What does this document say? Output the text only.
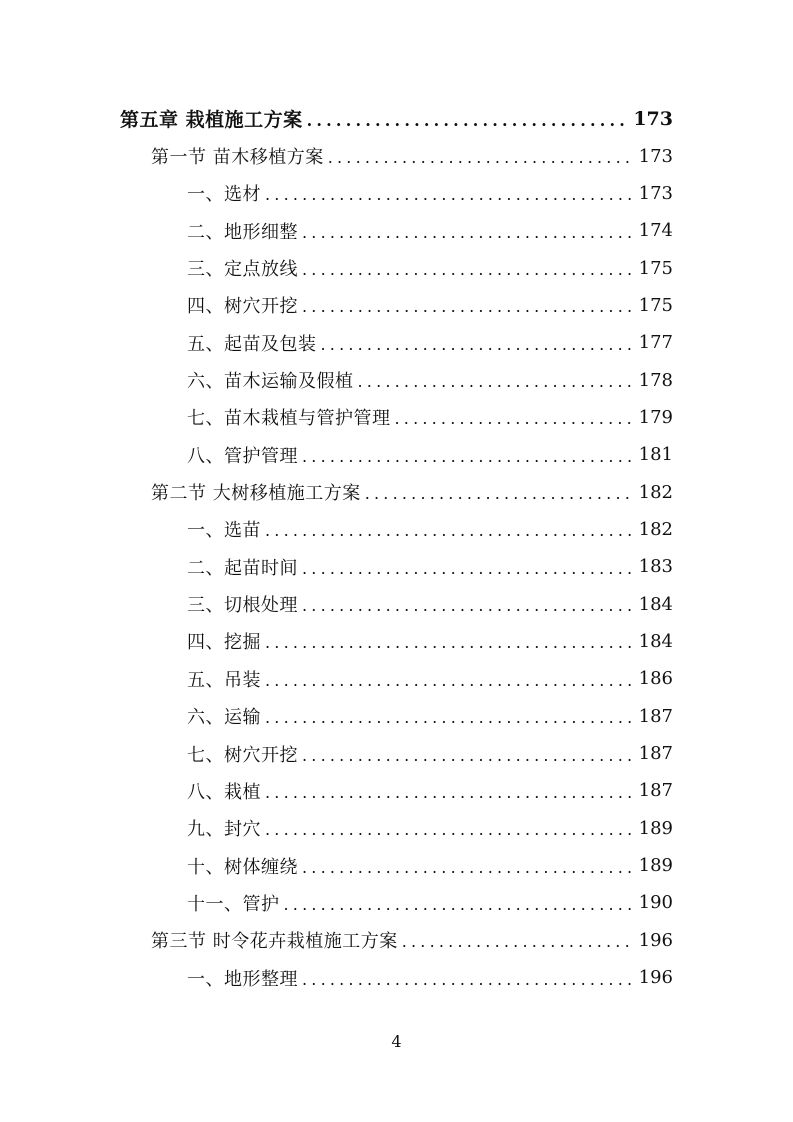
第五章 栽植施工方案 .....	173
第一节 苗木移植方案 .....	173
一、选材 .....	173
二、地形细整 .....	174
三、定点放线 .....	175
四、树穴开挖 .....	175
五、起苗及包装 .....	177
六、苗木运输及假植 .....	178
七、苗木栽植与管护管理 .....	179
八、管护管理 .....	181
第二节 大树移植施工方案 .....	182
一、选苗 .....	182
二、起苗时间 .....	183
三、切根处理 .....	184
四、挖掘 .....	184
五、吊装 .....	186
六、运输 .....	187
七、树穴开挖 .....	187
八、栽植 .....	187
九、封穴 .....	189
十、树体缠绕 .....	189
十一、管护 .....	190
第三节 时令花卉栽植施工方案 .....	196
一、地形整理 .....	196
4
